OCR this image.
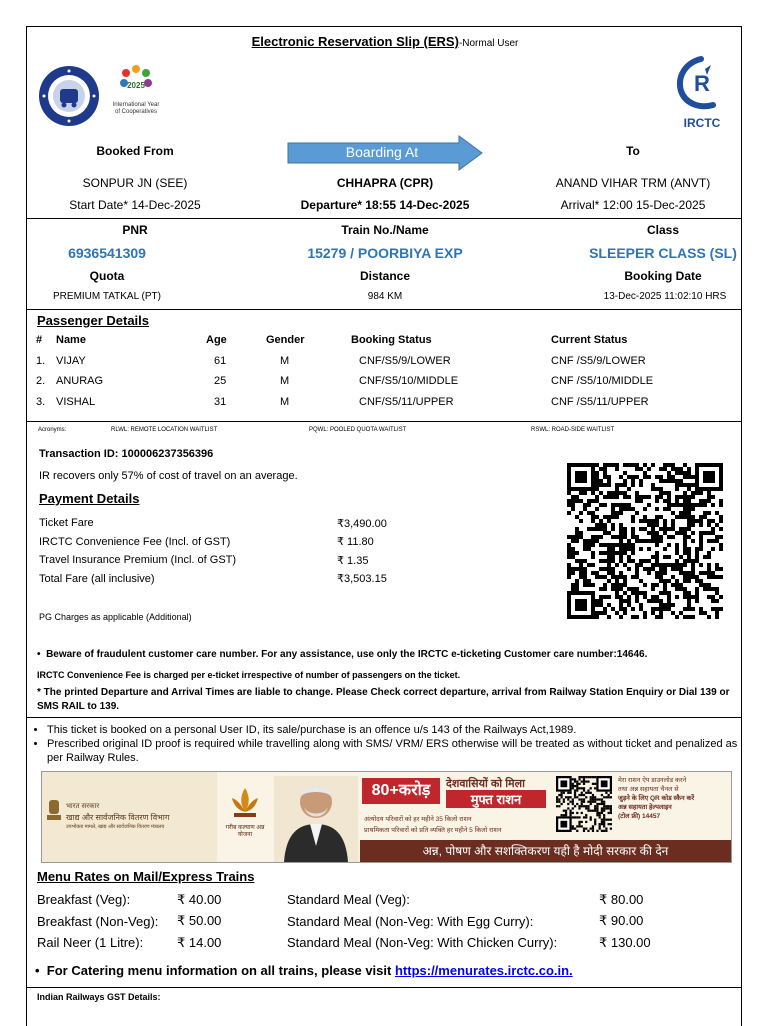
Electronic Reservation Slip (ERS)-Normal User
2025
International Year
of Cooperatives
R
IRCTC
Booked From	Boarding At	To
SONPUR JN (SEE)	CHHAPRA (CPR)	ANAND VIHAR TRM (ANVT)
Start Date* 14-Dec-2025	Departure* 18:55 14-Dec-2025	Arrival* 12:00 15-Dec-2025
PNR	Train No./Name	Class
6936541309	15279 / POORBIYA EXP	SLEEPER CLASS (SL)
Quota	Distance	Booking Date
PREMIUM TATKAL (PT)	984 KM	13-Dec-2025 11:02:10 HRS
Passenger Details
#	Name	Age	Gender	Booking Status	Current Status
1.	VIJAY	61	M	CNF/S5/9/LOWER	CNF /S5/9/LOWER
2.	ANURAG	25	M	CNF/S5/10/MIDDLE	CNF /S5/10/MIDDLE
3.	VISHAL	31	M	CNF/S5/11/UPPER	CNF /S5/11/UPPER
Acronyms:	RLWL: REMOTE LOCATION WAITLIST	PQWL: POOLED QUOTA WAITLIST	RSWL: ROAD-SIDE WAITLIST
Transaction ID: 100006237356396
IR recovers only 57% of cost of travel on an average.
Payment Details
Ticket Fare	₹3,490.00
IRCTC Convenience Fee (Incl. of GST)	₹ 11.80
Travel Insurance Premium (Incl. of GST)	₹ 1.35
Total Fare (all inclusive)	₹3,503.15
PG Charges as applicable (Additional)
•  Beware of fraudulent customer care number. For any assistance, use only the IRCTC e-ticketing Customer care number:14646.
IRCTC Convenience Fee is charged per e-ticket irrespective of number of passengers on the ticket.
* The printed Departure and Arrival Times are liable to change. Please Check correct departure, arrival from Railway Station Enquiry or Dial 139 or SMS RAIL to 139.
• This ticket is booked on a personal User ID, its sale/purchase is an offence u/s 143 of the Railways Act,1989.
• Prescribed original ID proof is required while travelling along with SMS/ VRM/ ERS otherwise will be treated as without ticket and penalized as per Railway Rules.
भारत सरकार
खाद्य और सार्वजनिक वितरण विभाग
उपभोक्ता मामले, खाद्य और सार्वजनिक वितरण मंत्रालय	गरीब कल्याण अन्न योजना
80+करोड़	देशवासियों को मिला
मुफ्त राशन
अंत्योदय परिवारों को हर महीने 35 किलो राशन
प्राथमिकता परिवारों को प्रति व्यक्ति हर महीने 5 किलो राशन
मेरा राशन ऐप डाउनलोड करने
तथा अन्न सहायता चैनल से
जुड़ने के लिए QR कोड स्कैन करें
अन्न सहायता हेल्पलाइन
(टोल फ्री) 14457
अन्न, पोषण और सशक्तिकरण यही है मोदी सरकार की देन
Menu Rates on Mail/Express Trains
Breakfast (Veg):	₹ 40.00	Standard Meal (Veg):	₹ 80.00
Breakfast (Non-Veg):	₹ 50.00	Standard Meal (Non-Veg: With Egg Curry):	₹ 90.00
Rail Neer (1 Litre):	₹ 14.00	Standard Meal (Non-Veg: With Chicken Curry):	₹ 130.00
•  For Catering menu information on all trains, please visit https://menurates.irctc.co.in.
Indian Railways GST Details:
